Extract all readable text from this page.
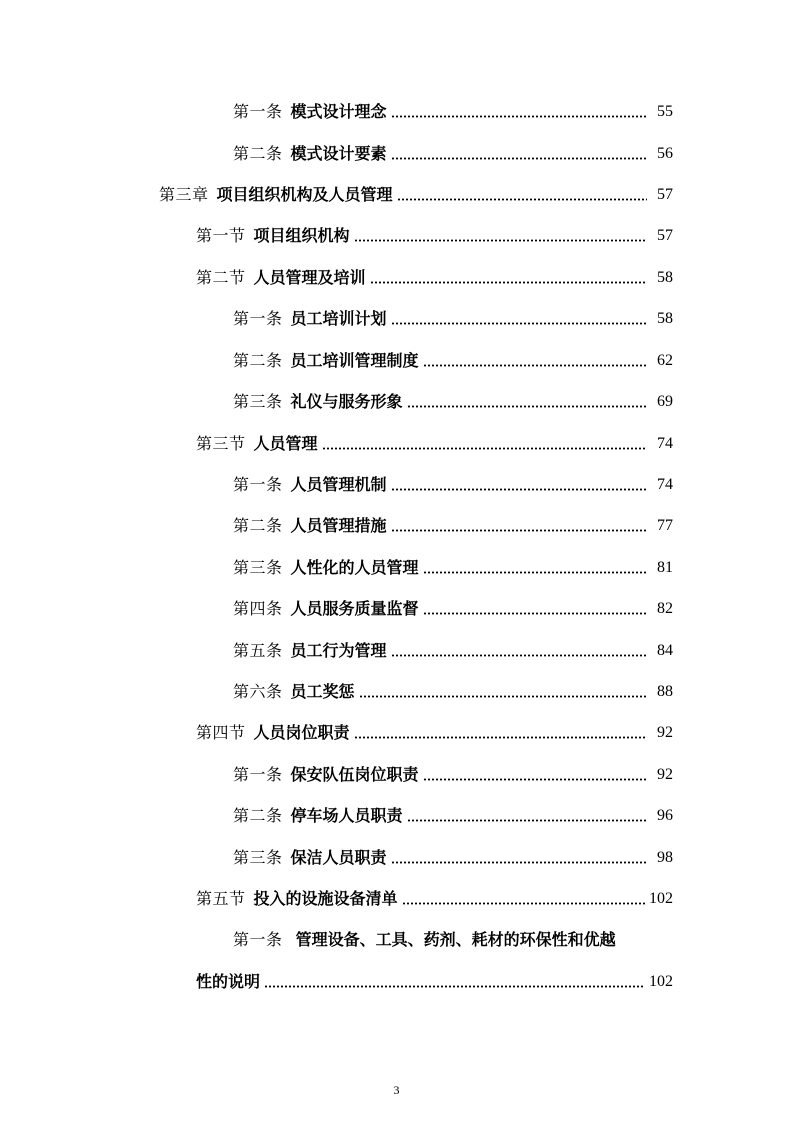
第一条 模式设计理念	55
第二条 模式设计要素	56
第三章 项目组织机构及人员管理	57
第一节 项目组织机构	57
第二节 人员管理及培训	58
第一条 员工培训计划	58
第二条 员工培训管理制度	62
第三条 礼仪与服务形象	69
第三节 人员管理	74
第一条 人员管理机制	74
第二条 人员管理措施	77
第三条 人性化的人员管理	81
第四条 人员服务质量监督	82
第五条 员工行为管理	84
第六条 员工奖惩	88
第四节 人员岗位职责	92
第一条 保安队伍岗位职责	92
第二条 停车场人员职责	96
第三条 保洁人员职责	98
第五节 投入的设施设备清单	102
第一条 管理设备、工具、药剂、耗材的环保性和优越
性的说明	102
3
